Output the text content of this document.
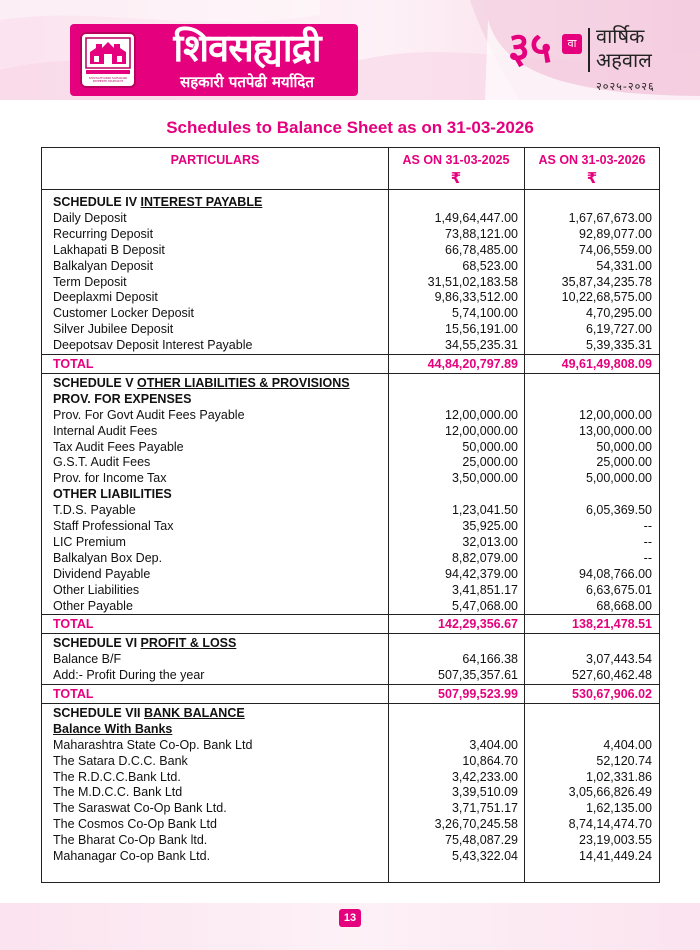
SHIVSAHYADRI SAHAKARI PATPEDHI MARYADIT
शिवसह्याद्री
सहकारी पतपेढी मर्यादित
३५	वा वार्षिक
अहवाल
२०२५-२०२६
Schedules to Balance Sheet as on 31-03-2026
PARTICULARS	AS ON 31-03-2025	AS ON 31-03-2026
₹	₹
SCHEDULE IV INTEREST PAYABLE
Daily Deposit	1,49,64,447.00	1,67,67,673.00
Recurring Deposit	73,88,121.00	92,89,077.00
Lakhapati B Deposit	66,78,485.00	74,06,559.00
Balkalyan Deposit	68,523.00	54,331.00
Term Deposit	31,51,02,183.58	35,87,34,235.78
Deeplaxmi Deposit	9,86,33,512.00	10,22,68,575.00
Customer Locker Deposit	5,74,100.00	4,70,295.00
Silver Jubilee Deposit	15,56,191.00	6,19,727.00
Deepotsav Deposit Interest Payable	34,55,235.31	5,39,335.31
TOTAL	44,84,20,797.89	49,61,49,808.09
SCHEDULE V OTHER LIABILITIES & PROVISIONS
PROV. FOR EXPENSES
Prov. For Govt Audit Fees Payable	12,00,000.00	12,00,000.00
Internal Audit Fees	12,00,000.00	13,00,000.00
Tax Audit Fees Payable	50,000.00	50,000.00
G.S.T. Audit Fees	25,000.00	25,000.00
Prov. for Income Tax	3,50,000.00	5,00,000.00
OTHER LIABILITIES
T.D.S. Payable	1,23,041.50	6,05,369.50
Staff Professional Tax	35,925.00	--
LIC Premium	32,013.00	--
Balkalyan Box Dep.	8,82,079.00	--
Dividend Payable	94,42,379.00	94,08,766.00
Other Liabilities	3,41,851.17	6,63,675.01
Other Payable	5,47,068.00	68,668.00
TOTAL	142,29,356.67	138,21,478.51
SCHEDULE VI PROFIT & LOSS
Balance B/F	64,166.38	3,07,443.54
Add:- Profit During the year	507,35,357.61	527,60,462.48
TOTAL	507,99,523.99	530,67,906.02
SCHEDULE VII BANK BALANCE
Balance With Banks
Maharashtra State Co-Op. Bank Ltd	3,404.00	4,404.00
The Satara D.C.C. Bank	10,864.70	52,120.74
The R.D.C.C.Bank Ltd.	3,42,233.00	1,02,331.86
The M.D.C.C. Bank Ltd	3,39,510.09	3,05,66,826.49
The Saraswat Co-Op Bank Ltd.	3,71,751.17	1,62,135.00
The Cosmos Co-Op Bank Ltd	3,26,70,245.58	8,74,14,474.70
The Bharat Co-Op Bank ltd.	75,48,087.29	23,19,003.55
Mahanagar Co-op Bank Ltd.	5,43,322.04	14,41,449.24
13
